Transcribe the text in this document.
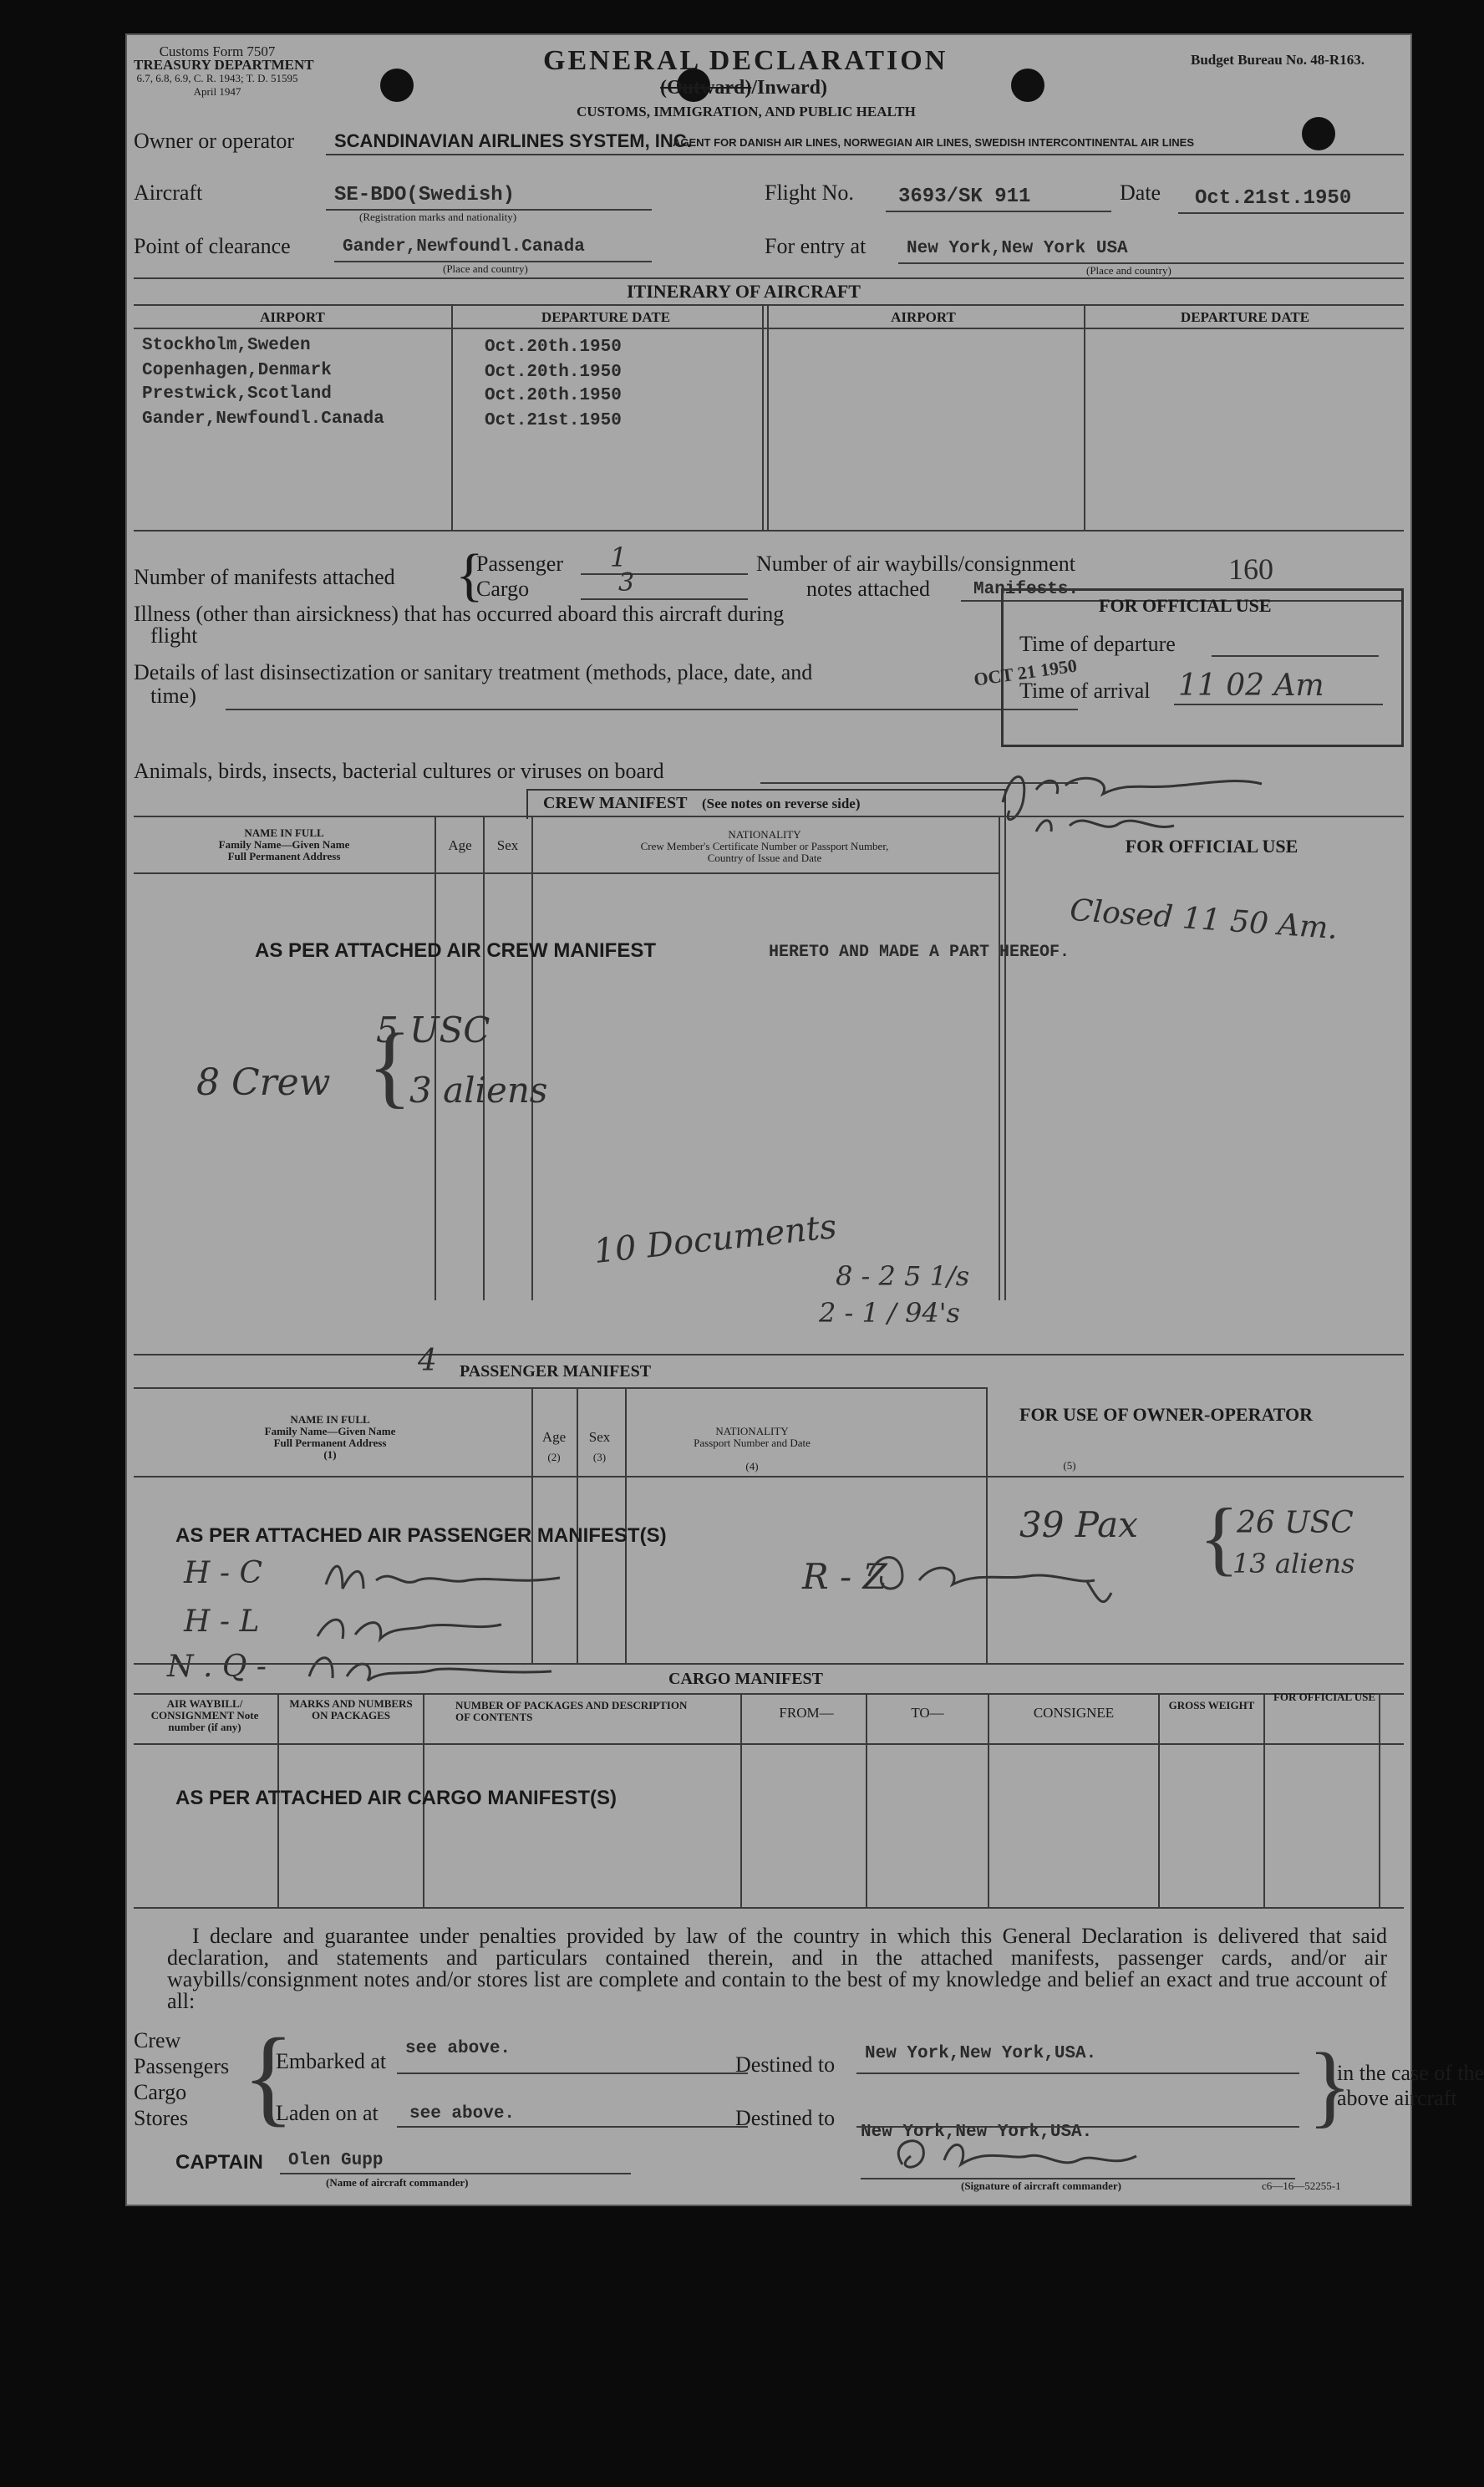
Customs Form 7507
TREASURY DEPARTMENT
6.7, 6.8, 6.9, C. R. 1943; T. D. 51595
April 1947
GENERAL DECLARATION
(Outward)/Inward)
CUSTOMS, IMMIGRATION, AND PUBLIC HEALTH
Budget Bureau No. 48-R163.
Owner or operator SCANDINAVIAN AIRLINES SYSTEM, INC.
AGENT FOR DANISH AIR LINES, NORWEGIAN AIR LINES, SWEDISH INTERCONTINENTAL AIR LINES
Aircraft	SE-BDO(Swedish)
(Registration marks and nationality)
Flight No. 3693/SK 911	Date Oct.21st.1950
Point of clearance	Gander,Newfoundl.Canada
(Place and country)
For entry at New York,New York USA
(Place and country)
ITINERARY OF AIRCRAFT
AIRPORT	DEPARTURE DATE	AIRPORT	DEPARTURE DATE
Stockholm,Sweden	Oct.20th.1950
Copenhagen,Denmark	Oct.20th.1950
Prestwick,Scotland	Oct.20th.1950
Gander,Newfoundl.Canada	Oct.21st.1950
Number of manifests attached {
Passenger 1
Cargo	3
Number of air waybills/consignment	160
notes attached Manifests.
Illness (other than airsickness) that has occurred aboard this aircraft during
flight
Details of last disinsectization or sanitary treatment (methods, place, date, and
time)
Animals, birds, insects, bacterial cultures or viruses on board
FOR OFFICIAL USE
Time of departure
Time of arrival
OCT 21 1950	11 02 Am
CREW MANIFEST (See notes on reverse side)
NAME IN FULL
Family Name—Given Name
Full Permanent Address
Age	Sex
NATIONALITY
Crew Member's Certificate Number or Passport Number,
Country of Issue and Date
FOR OFFICIAL USE
AS PER ATTACHED AIR CREW MANIFEST	HERETO AND MADE A PART HEREOF.
Closed 11 50 Am.
8 Crew
5 USC
3 aliens
{
10 Documents
8 - 2 5 1/s
2 - 1 / 94's
4 PASSENGER MANIFEST
FOR USE OF OWNER-OPERATOR
NAME IN FULL
Family Name—Given Name
Full Permanent Address
(1)
Age
(2)
Sex
(3)
NATIONALITY
Passport Number and Date
(4)	(5)
AS PER ATTACHED AIR PASSENGER MANIFEST(S)	39 Pax {
26 USC
13 aliens
H - C
H - L
N . Q -
R - Z
CARGO MANIFEST
AIR WAYBILL/ CONSIGNMENT Note number (if any)
MARKS AND NUMBERS ON PACKAGES
NUMBER OF PACKAGES AND DESCRIPTION OF CONTENTS	FROM—	TO—	CONSIGNEE	GROSS WEIGHT
FOR OFFICIAL USE
AS PER ATTACHED AIR CARGO MANIFEST(S)
I declare and guarantee under penalties provided by law of the country in which this General Declaration is delivered that said declaration, and statements and particulars contained therein, and in the attached manifests, passenger cards, and/or air waybills/consignment notes and/or stores list are complete and contain to the best of my knowledge and belief an exact and true account of all:
Crew
Passengers
Cargo
Stores {
Embarked at
see above.
Laden on at see above.
Destined to New York,New York,USA.
Destined to
New York,New York,USA. }
in the case of the
above aircraft
CAPTAIN Olen Gupp
(Name of aircraft commander)	(Signature of aircraft commander)	c6—16—52255-1
